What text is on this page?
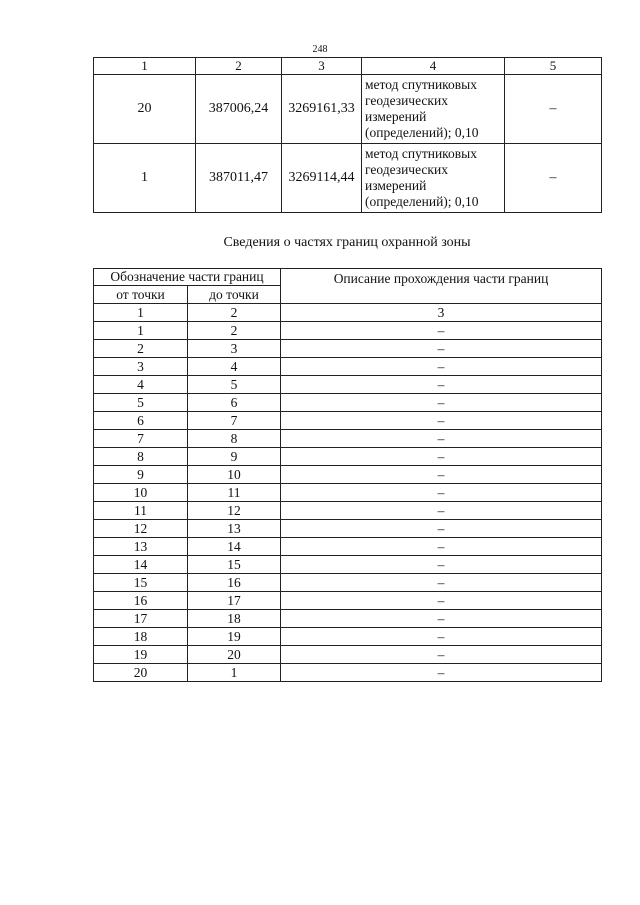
248
1	2	3	4	5
20	387006,24	3269161,33	метод спутниковых
геодезических
измерений
(определений); 0,10	–
1	387011,47	3269114,44	метод спутниковых
геодезических
измерений
(определений); 0,10	–
Сведения о частях границ охранной зоны
Обозначение части границ		Описание прохождения части границ
от точки	до точки	
1	2	3
1	2	–
2	3	–
3	4	–
4	5	–
5	6	–
6	7	–
7	8	–
8	9	–
9	10	–
10	11	–
11	12	–
12	13	–
13	14	–
14	15	–
15	16	–
16	17	–
17	18	–
18	19	–
19	20	–
20	1	–
